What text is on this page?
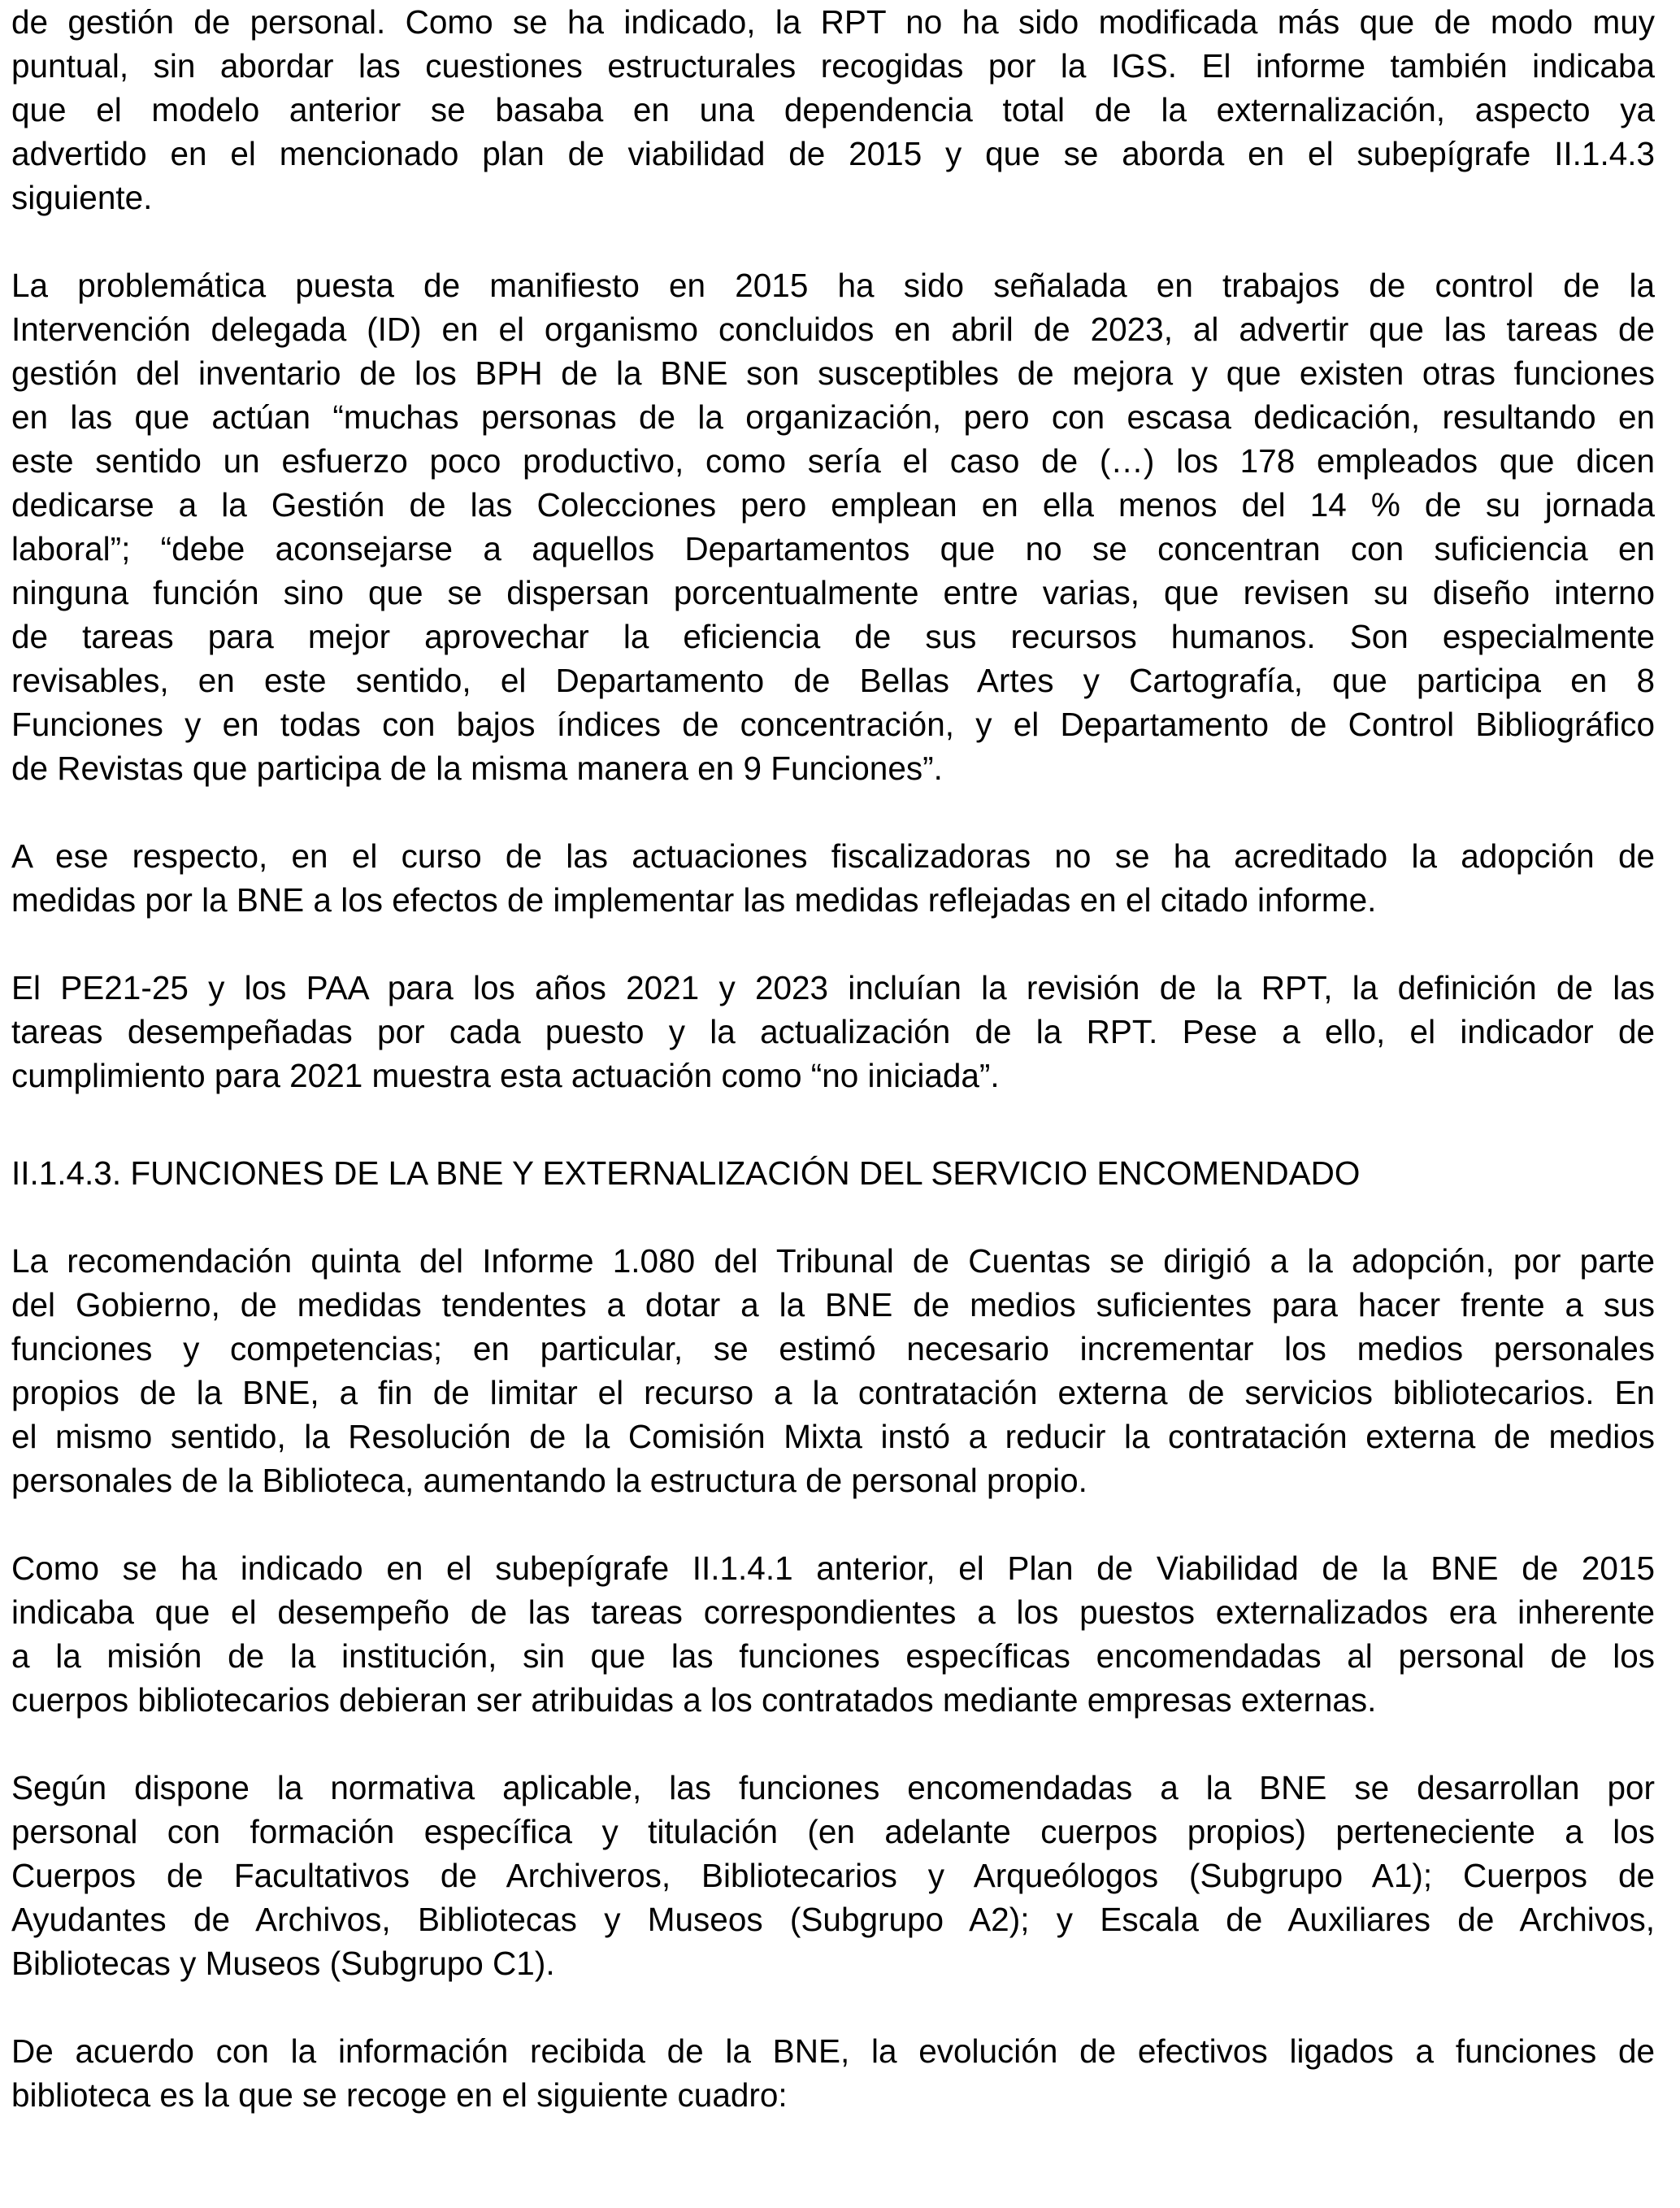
de gestión de personal. Como se ha indicado, la RPT no ha sido modificada más que de modo muy
puntual, sin abordar las cuestiones estructurales recogidas por la IGS. El informe también indicaba
que el modelo anterior se basaba en una dependencia total de la externalización, aspecto ya
advertido en el mencionado plan de viabilidad de 2015 y que se aborda en el subepígrafe II.1.4.3
siguiente.
La problemática puesta de manifiesto en 2015 ha sido señalada en trabajos de control de la
Intervención delegada (ID) en el organismo concluidos en abril de 2023, al advertir que las tareas de
gestión del inventario de los BPH de la BNE son susceptibles de mejora y que existen otras funciones
en las que actúan “muchas personas de la organización, pero con escasa dedicación, resultando en
este sentido un esfuerzo poco productivo, como sería el caso de (…) los 178 empleados que dicen
dedicarse a la Gestión de las Colecciones pero emplean en ella menos del 14 % de su jornada
laboral”; “debe aconsejarse a aquellos Departamentos que no se concentran con suficiencia en
ninguna función sino que se dispersan porcentualmente entre varias, que revisen su diseño interno
de tareas para mejor aprovechar la eficiencia de sus recursos humanos. Son especialmente
revisables, en este sentido, el Departamento de Bellas Artes y Cartografía, que participa en 8
Funciones y en todas con bajos índices de concentración, y el Departamento de Control Bibliográfico
de Revistas que participa de la misma manera en 9 Funciones”.
A ese respecto, en el curso de las actuaciones fiscalizadoras no se ha acreditado la adopción de
medidas por la BNE a los efectos de implementar las medidas reflejadas en el citado informe.
El PE21-25 y los PAA para los años 2021 y 2023 incluían la revisión de la RPT, la definición de las
tareas desempeñadas por cada puesto y la actualización de la RPT. Pese a ello, el indicador de
cumplimiento para 2021 muestra esta actuación como “no iniciada”.
II.1.4.3. FUNCIONES DE LA BNE Y EXTERNALIZACIÓN DEL SERVICIO ENCOMENDADO
La recomendación quinta del Informe 1.080 del Tribunal de Cuentas se dirigió a la adopción, por parte
del Gobierno, de medidas tendentes a dotar a la BNE de medios suficientes para hacer frente a sus
funciones y competencias; en particular, se estimó necesario incrementar los medios personales
propios de la BNE, a fin de limitar el recurso a la contratación externa de servicios bibliotecarios. En
el mismo sentido, la Resolución de la Comisión Mixta instó a reducir la contratación externa de medios
personales de la Biblioteca, aumentando la estructura de personal propio.
Como se ha indicado en el subepígrafe II.1.4.1 anterior, el Plan de Viabilidad de la BNE de 2015
indicaba que el desempeño de las tareas correspondientes a los puestos externalizados era inherente
a la misión de la institución, sin que las funciones específicas encomendadas al personal de los
cuerpos bibliotecarios debieran ser atribuidas a los contratados mediante empresas externas.
Según dispone la normativa aplicable, las funciones encomendadas a la BNE se desarrollan por
personal con formación específica y titulación (en adelante cuerpos propios) perteneciente a los
Cuerpos de Facultativos de Archiveros, Bibliotecarios y Arqueólogos (Subgrupo A1); Cuerpos de
Ayudantes de Archivos, Bibliotecas y Museos (Subgrupo A2); y Escala de Auxiliares de Archivos,
Bibliotecas y Museos (Subgrupo C1).
De acuerdo con la información recibida de la BNE, la evolución de efectivos ligados a funciones de
biblioteca es la que se recoge en el siguiente cuadro:
